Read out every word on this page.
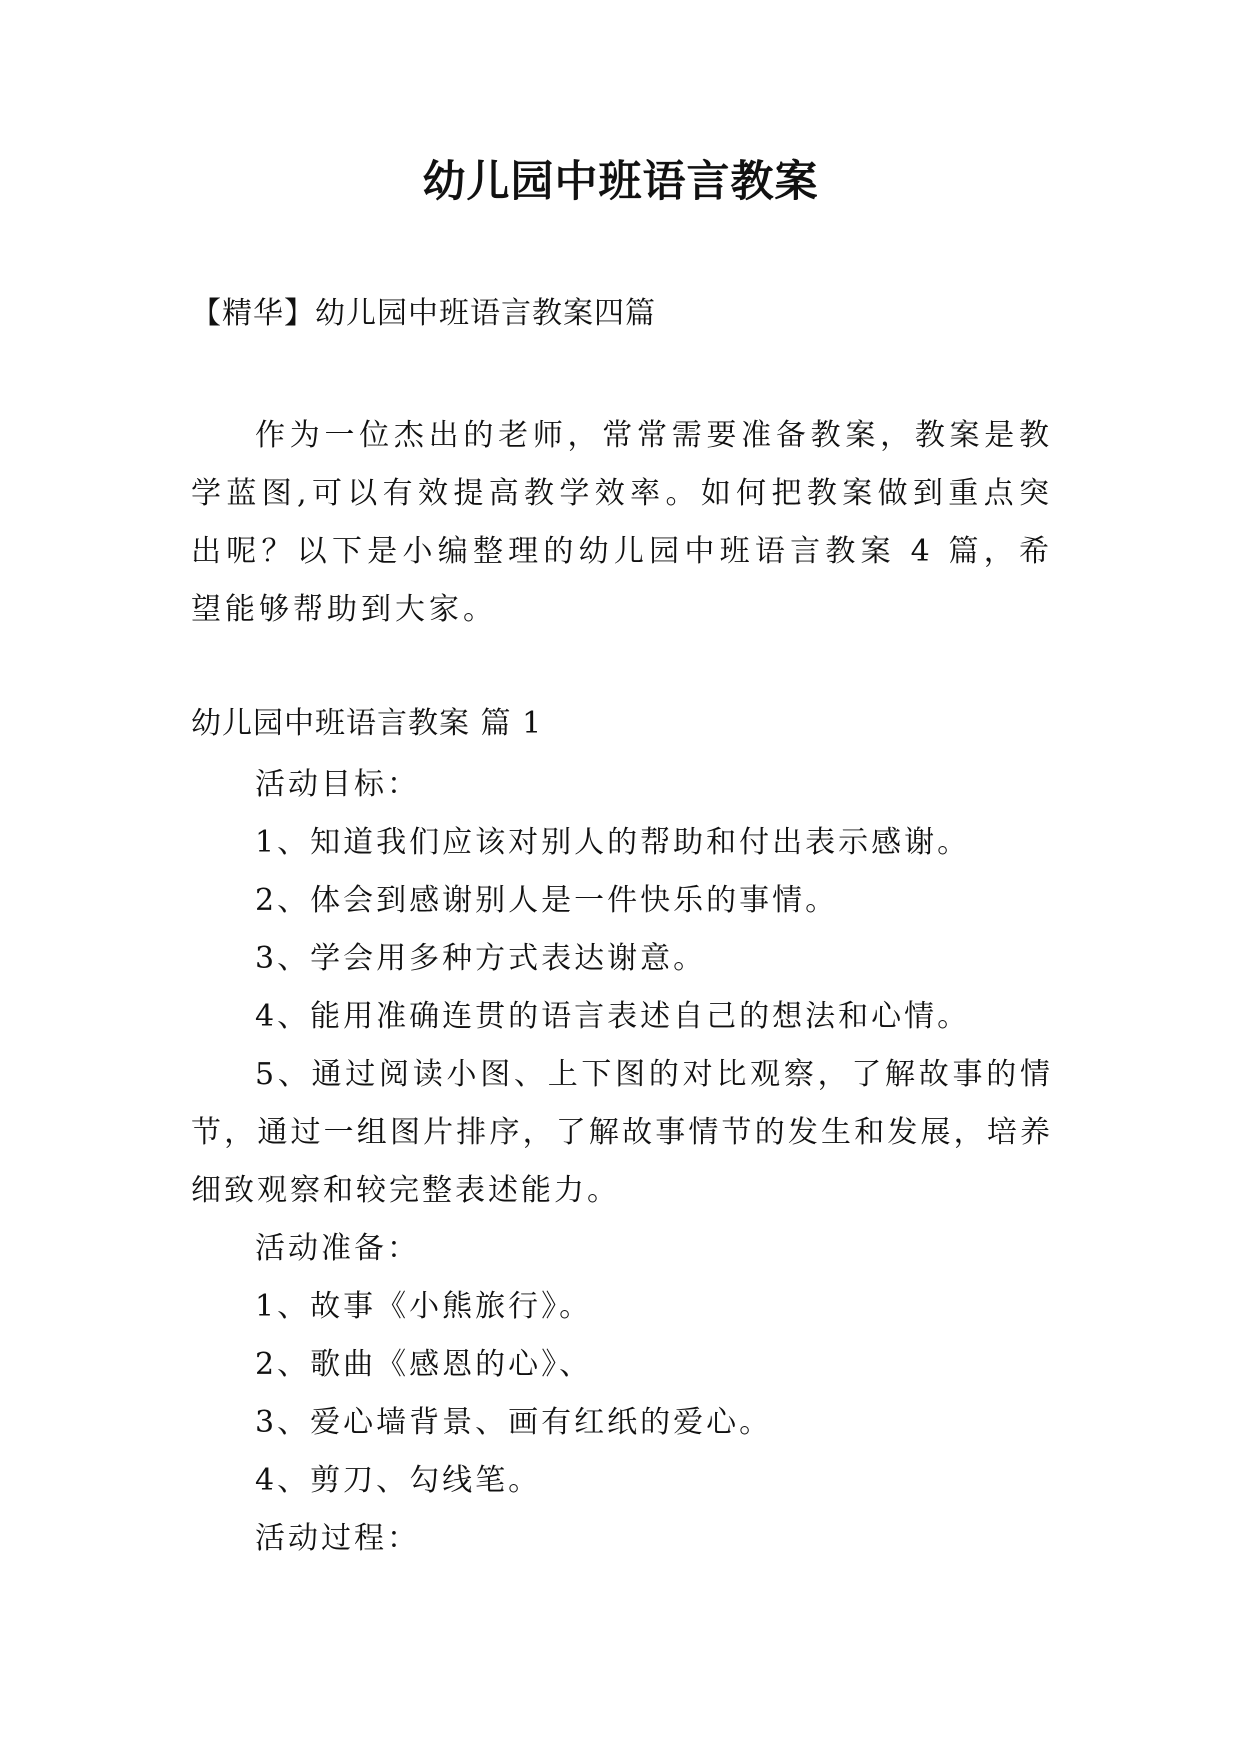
幼儿园中班语言教案
【精华】幼儿园中班语言教案四篇

作为一位杰出的老师，常常需要准备教案，教案是教学蓝图,可以有效提高教学效率。如何把教案做到重点突出呢？以下是小编整理的幼儿园中班语言教案 4 篇，希望能够帮助到大家。

幼儿园中班语言教案 篇 1

活动目标：

1、知道我们应该对别人的帮助和付出表示感谢。

2、体会到感谢别人是一件快乐的事情。

3、学会用多种方式表达谢意。

4、能用准确连贯的语言表述自己的想法和心情。

5、通过阅读小图、上下图的对比观察，了解故事的情节，通过一组图片排序，了解故事情节的发生和发展，培养细致观察和较完整表述能力。

活动准备：

1、故事《小熊旅行》。

2、歌曲《感恩的心》、

3、爱心墙背景、画有红纸的爱心。

4、剪刀、勾线笔。

活动过程：
